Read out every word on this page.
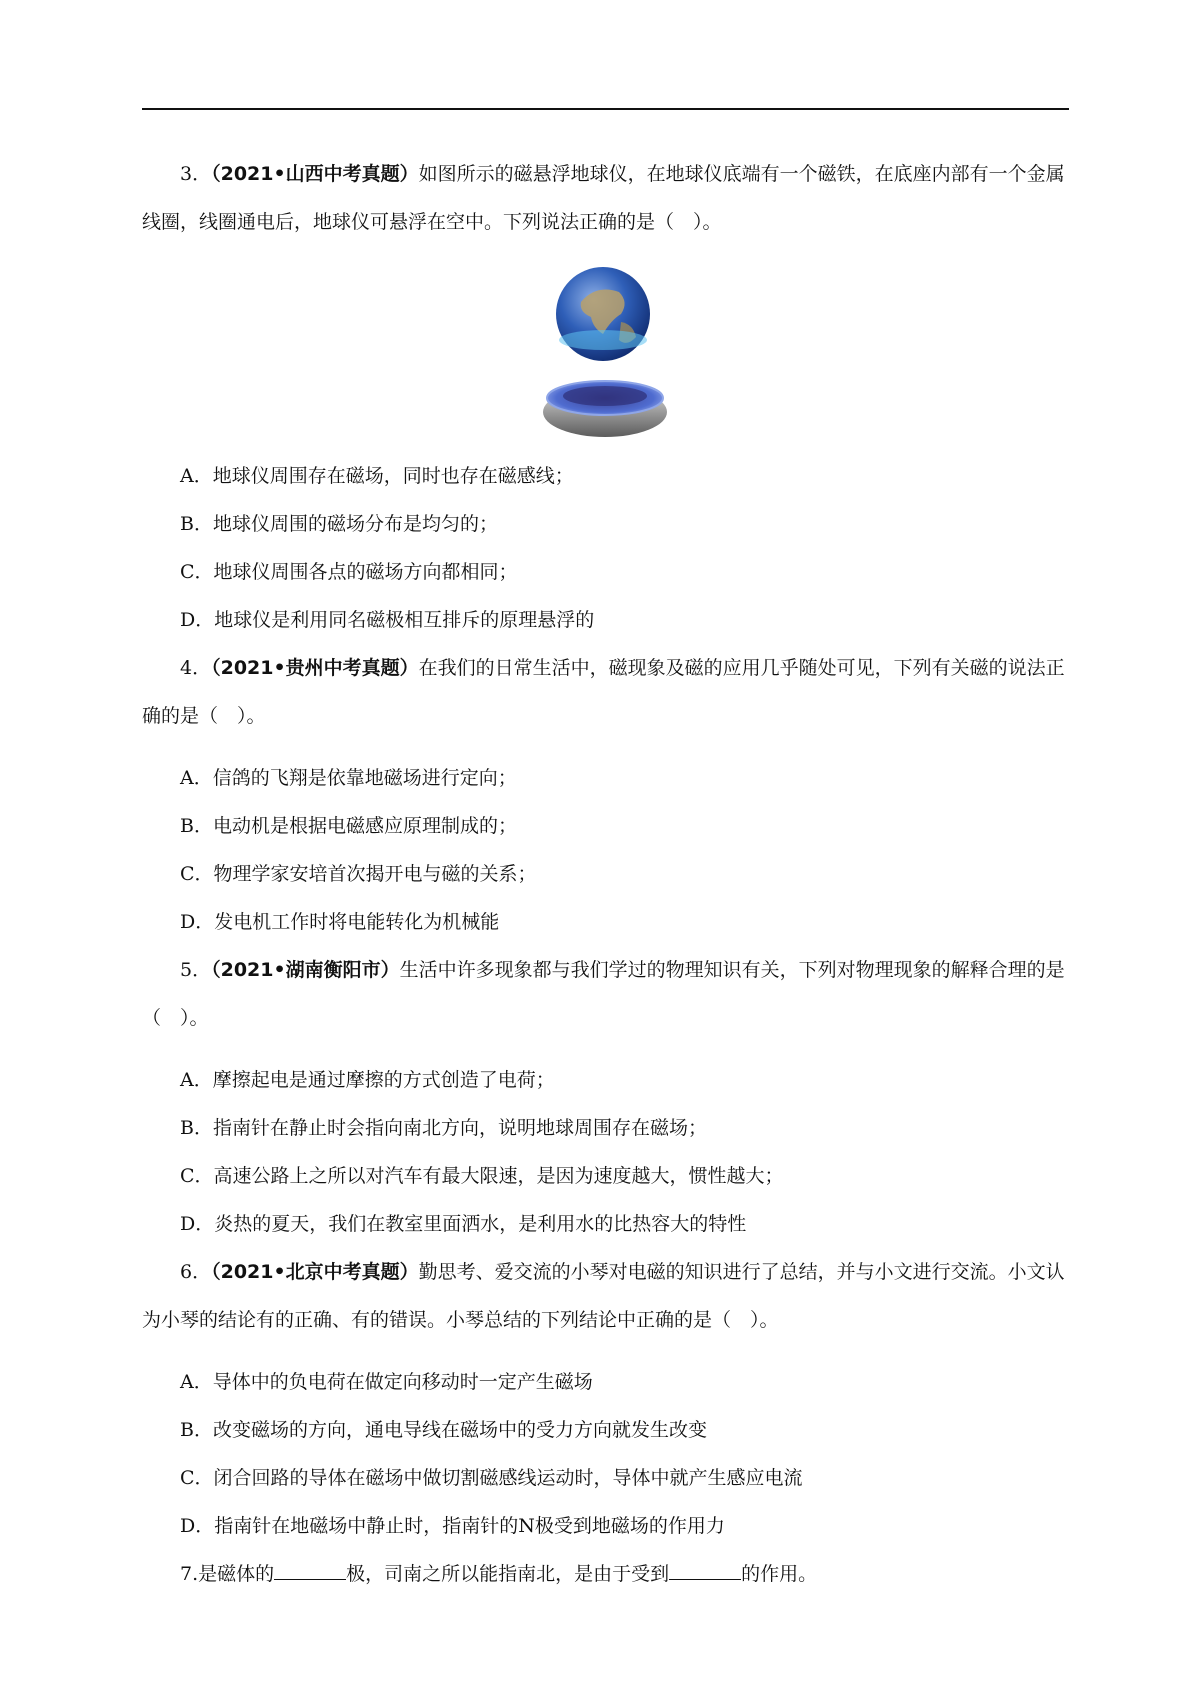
3．（2021•山西中考真题）如图所示的磁悬浮地球仪，在地球仪底端有一个磁铁，在底座内部有一个金属线圈，线圈通电后，地球仪可悬浮在空中。下列说法正确的是（　）。

A．地球仪周围存在磁场，同时也存在磁感线；

B．地球仪周围的磁场分布是均匀的；

C．地球仪周围各点的磁场方向都相同；

D．地球仪是利用同名磁极相互排斥的原理悬浮的

4．（2021•贵州中考真题）在我们的日常生活中，磁现象及磁的应用几乎随处可见，下列有关磁的说法正确的是（　）。

A．信鸽的飞翔是依靠地磁场进行定向；

B．电动机是根据电磁感应原理制成的；

C．物理学家安培首次揭开电与磁的关系；

D．发电机工作时将电能转化为机械能

5．（2021•湖南衡阳市）生活中许多现象都与我们学过的物理知识有关，下列对物理现象的解释合理的是（　）。

A．摩擦起电是通过摩擦的方式创造了电荷；

B．指南针在静止时会指向南北方向，说明地球周围存在磁场；

C．高速公路上之所以对汽车有最大限速，是因为速度越大，惯性越大；

D．炎热的夏天，我们在教室里面洒水，是利用水的比热容大的特性

6．（2021•北京中考真题）勤思考、爱交流的小琴对电磁的知识进行了总结，并与小文进行交流。小文认为小琴的结论有的正确、有的错误。小琴总结的下列结论中正确的是（　）。

A．导体中的负电荷在做定向移动时一定产生磁场

B．改变磁场的方向，通电导线在磁场中的受力方向就发生改变

C．闭合回路的导体在磁场中做切割磁感线运动时，导体中就产生感应电流

D．指南针在地磁场中静止时，指南针的N极受到地磁场的作用力

7.是磁体的	极，司南之所以能指南北，是由于受到	的作用。
